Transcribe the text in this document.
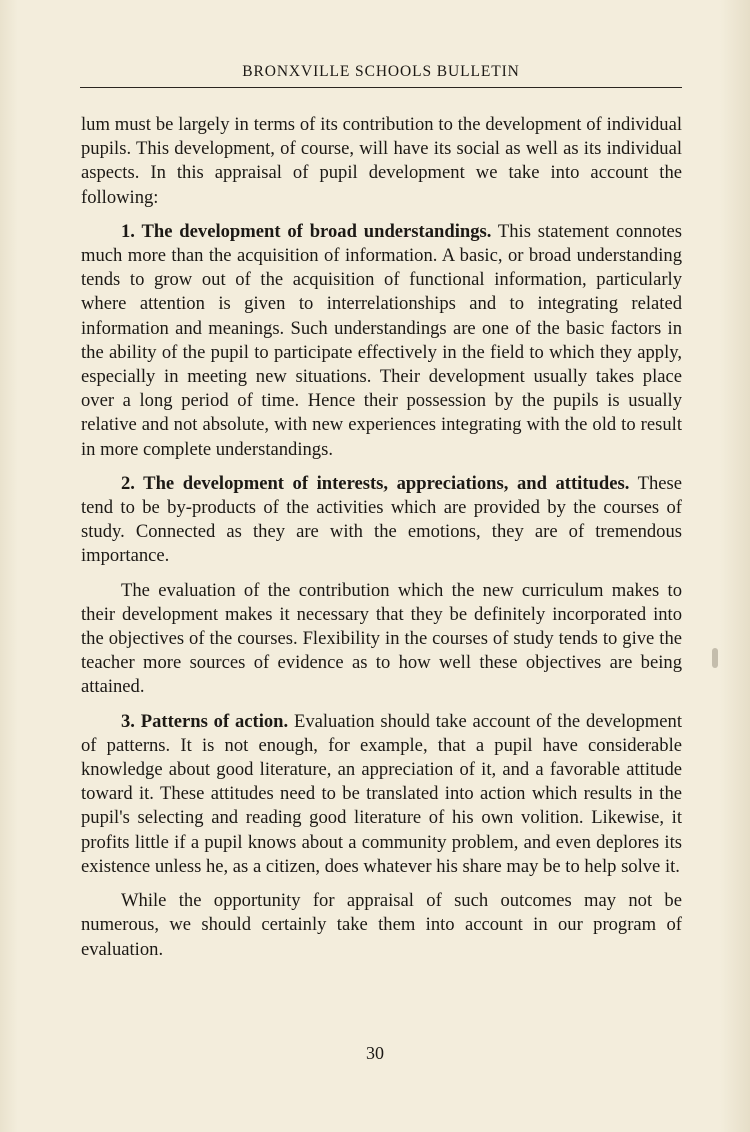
BRONXVILLE SCHOOLS BULLETIN

lum must be largely in terms of its contribution to the development of individual pupils. This development, of course, will have its social as well as its individual aspects. In this appraisal of pupil development we take into account the following:

1. The development of broad understandings. This statement connotes much more than the acquisition of information. A basic, or broad understanding tends to grow out of the acquisition of functional information, particularly where attention is given to interrelationships and to integrating related information and meanings. Such understandings are one of the basic factors in the ability of the pupil to participate effectively in the field to which they apply, especially in meeting new situations. Their development usually takes place over a long period of time. Hence their possession by the pupils is usually relative and not absolute, with new experiences integrating with the old to result in more complete understandings.

2. The development of interests, appreciations, and attitudes. These tend to be by-products of the activities which are provided by the courses of study. Connected as they are with the emotions, they are of tremendous importance.

The evaluation of the contribution which the new curriculum makes to their development makes it necessary that they be definitely incorporated into the objectives of the courses. Flexibility in the courses of study tends to give the teacher more sources of evidence as to how well these objectives are being attained.

3. Patterns of action. Evaluation should take account of the development of patterns. It is not enough, for example, that a pupil have considerable knowledge about good literature, an appreciation of it, and a favorable attitude toward it. These attitudes need to be translated into action which results in the pupil's selecting and reading good literature of his own volition. Likewise, it profits little if a pupil knows about a community problem, and even deplores its existence unless he, as a citizen, does whatever his share may be to help solve it.

While the opportunity for appraisal of such outcomes may not be numerous, we should certainly take them into account in our program of evaluation.

30
